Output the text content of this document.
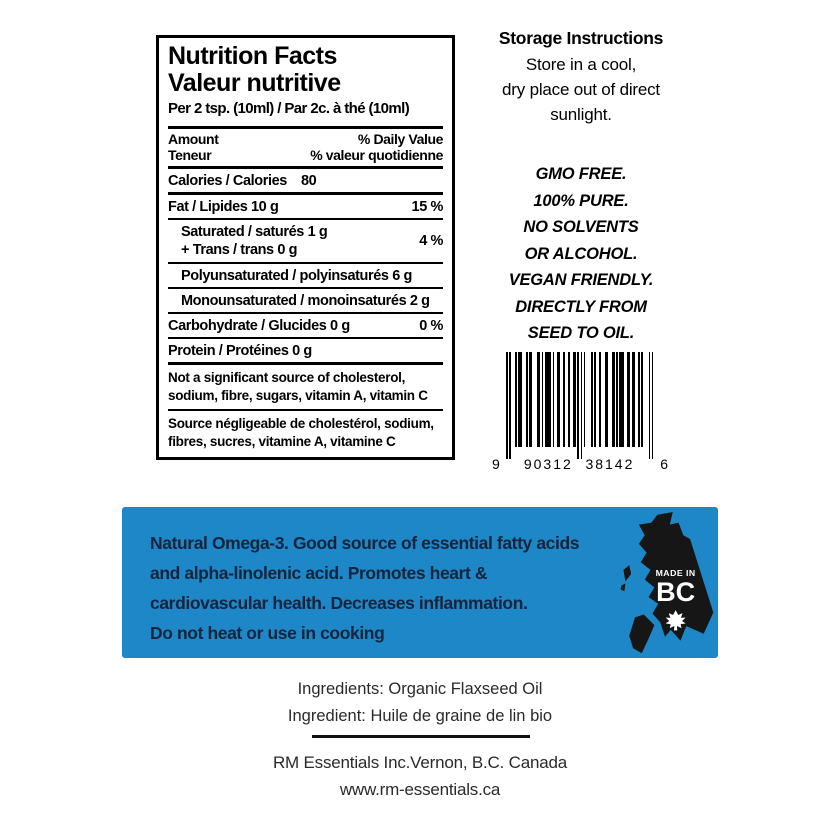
Nutrition Facts
Valeur nutritive
Per 2 tsp. (10ml) / Par 2c. à thé (10ml)
Amount
Teneur
% Daily Value
% valeur quotidienne
Calories / Calories 80
Fat / Lipides 10 g	15 %
Saturated / saturés 1 g
+ Trans / trans 0 g
4 %
Polyunsaturated / polyinsaturés 6 g
Monounsaturated / monoinsaturés 2 g
Carbohydrate / Glucides 0 g	0 %
Protein / Protéines 0 g
Not a significant source of cholesterol, sodium, fibre, sugars, vitamin A, vitamin C
Source négligeable de cholestérol, sodium, fibres, sucres, vitamine A, vitamine C
Storage Instructions
Store in a cool,
dry place out of direct
sunlight.
GMO FREE.
100% PURE.
NO SOLVENTS
OR ALCOHOL.
VEGAN FRIENDLY.
DIRECTLY FROM
SEED TO OIL.
9 90312 38142 6
Natural Omega-3. Good source of essential fatty acids
and alpha-linolenic acid. Promotes heart &
cardiovascular health. Decreases inflammation.
Do not heat or use in cooking
MADE IN
BC
Ingredients: Organic Flaxseed Oil
Ingredient: Huile de graine de lin bio
RM Essentials Inc.Vernon, B.C. Canada
www.rm-essentials.ca
